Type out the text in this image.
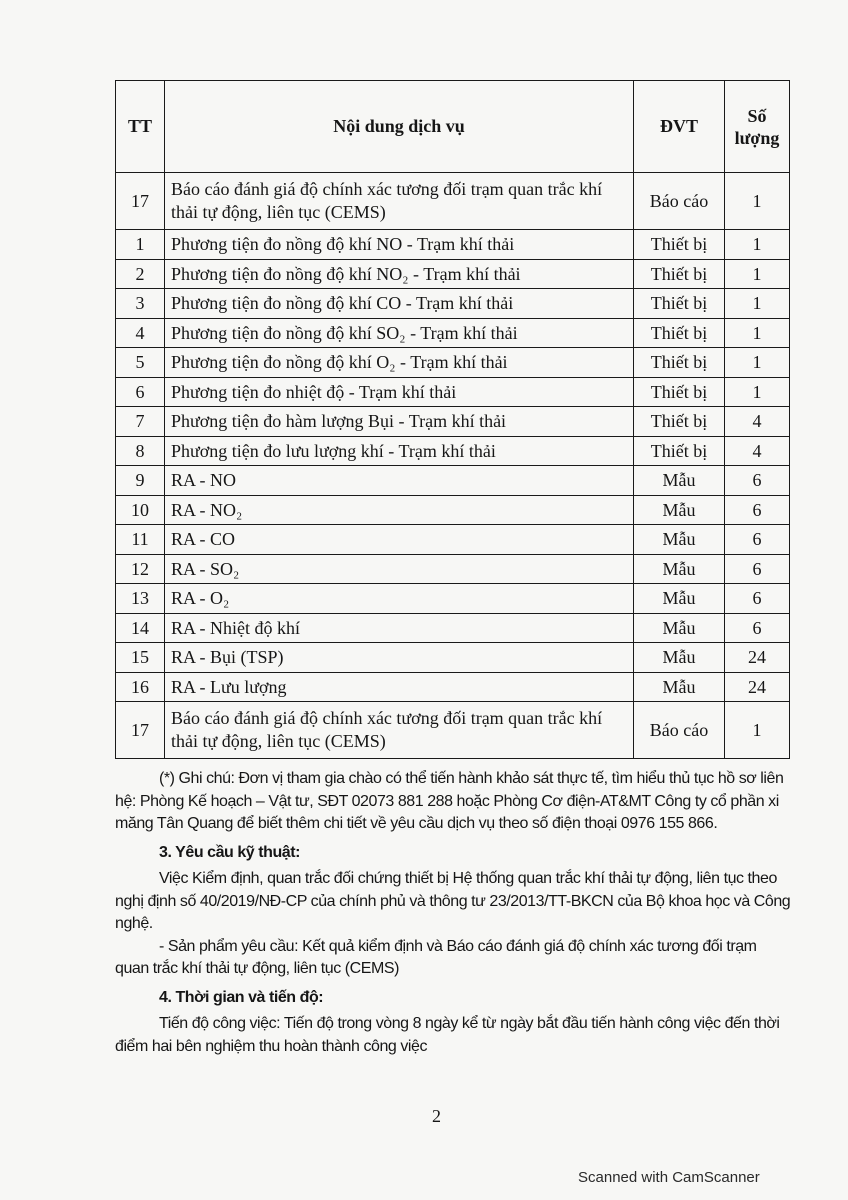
TT	Nội dung dịch vụ	ĐVT	Số
lượng
17	Báo cáo đánh giá độ chính xác tương đối trạm quan trắc khí thải tự động, liên tục (CEMS)	Báo cáo	1
1	Phương tiện đo nồng độ khí NO - Trạm khí thải	Thiết bị	1
2	Phương tiện đo nồng độ khí NO₂ - Trạm khí thải	Thiết bị	1
3	Phương tiện đo nồng độ khí CO - Trạm khí thải	Thiết bị	1
4	Phương tiện đo nồng độ khí SO₂ - Trạm khí thải	Thiết bị	1
5	Phương tiện đo nồng độ khí O₂ - Trạm khí thải	Thiết bị	1
6	Phương tiện đo nhiệt độ - Trạm khí thải	Thiết bị	1
7	Phương tiện đo hàm lượng Bụi - Trạm khí thải	Thiết bị	4
8	Phương tiện đo lưu lượng khí - Trạm khí thải	Thiết bị	4
9	RA - NO	Mẫu	6
10	RA - NO₂	Mẫu	6
11	RA - CO	Mẫu	6
12	RA - SO₂	Mẫu	6
13	RA - O₂	Mẫu	6
14	RA - Nhiệt độ khí	Mẫu	6
15	RA - Bụi (TSP)	Mẫu	24
16	RA - Lưu lượng	Mẫu	24
17	Báo cáo đánh giá độ chính xác tương đối trạm quan trắc khí thải tự động, liên tục (CEMS)	Báo cáo	1

(*) Ghi chú: Đơn vị tham gia chào có thể tiến hành khảo sát thực tế, tìm hiểu thủ tục hồ sơ liên hệ: Phòng Kế hoạch – Vật tư, SĐT 02073 881 288 hoặc Phòng Cơ điện-AT&MT Công ty cổ phần xi măng Tân Quang để biết thêm chi tiết về yêu cầu dịch vụ theo số điện thoại 0976 155 866.

3. Yêu cầu kỹ thuật:

Việc Kiểm định, quan trắc đối chứng thiết bị Hệ thống quan trắc khí thải tự động, liên tục theo nghị định số 40/2019/NĐ-CP của chính phủ và thông tư 23/2013/TT-BKCN của Bộ khoa học và Công nghệ.

- Sản phẩm yêu cầu: Kết quả kiểm định và Báo cáo đánh giá độ chính xác tương đối trạm quan trắc khí thải tự động, liên tục (CEMS)

4. Thời gian và tiến độ:

Tiến độ công việc: Tiến độ trong vòng 8 ngày kể từ ngày bắt đầu tiến hành công việc đến thời điểm hai bên nghiệm thu hoàn thành công việc

2
Scanned with CamScanner
